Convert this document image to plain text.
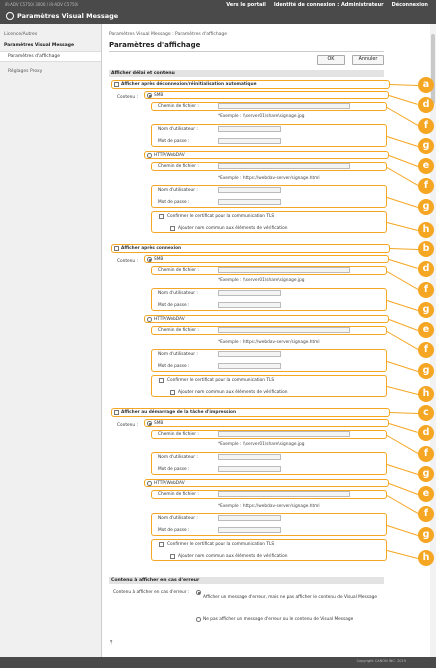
iR-ADV C5750i 3000 / iR-ADV C5750i	Vers le portail Identité de connexion : Administrateur Déconnexion
Paramètres Visual Message
Licence/Autres
Paramètres Visual Message
Paramètres d'affichage
Réglages Proxy
Paramètres Visual Message : Paramètres d'affichage
Paramètres d'affichage
OK	Annuler
Afficher délai et contenu
Afficher après déconnexion/réinitialisation automatique	a
Contenu :	SMB
d
Chemin de fichier :
*Exemple : \\server01\share\signage.jpg
f
Nom d'utilisateur :
Mot de passe :	g
HTTP/WebDAV
e
Chemin de fichier :
*Exemple : https://webdav-server/signage.html
f
Nom d'utilisateur :
Mot de passe :	g
Confirmer le certificat pour la communication TLS
Ajouter nom commun aux éléments de vérification	h
Afficher après connexion	b
Contenu :	SMB
d
Chemin de fichier :
*Exemple : \\server01\share\signage.jpg
f
Nom d'utilisateur :
Mot de passe :	g
HTTP/WebDAV
e
Chemin de fichier :
*Exemple : https://webdav-server/signage.html
f
Nom d'utilisateur :
Mot de passe :	g
Confirmer le certificat pour la communication TLS
Ajouter nom commun aux éléments de vérification	h
Afficher au démarrage de la tâche d'impression	c
Contenu :	SMB
d
Chemin de fichier :
*Exemple : \\server01\share\signage.jpg
f
Nom d'utilisateur :
Mot de passe :	g
HTTP/WebDAV
e
Chemin de fichier :
*Exemple : https://webdav-server/signage.html
f
Nom d'utilisateur :
Mot de passe :	g
Confirmer le certificat pour la communication TLS
Ajouter nom commun aux éléments de vérification	h
Contenu à afficher en cas d'erreur
Contenu à afficher en cas d'erreur :
Afficher un message d'erreur, mais ne pas afficher le contenu de Visual Message
Ne pas afficher un message d'erreur ou le contenu de Visual Message
⤒
Copyright CANON INC. 2019
